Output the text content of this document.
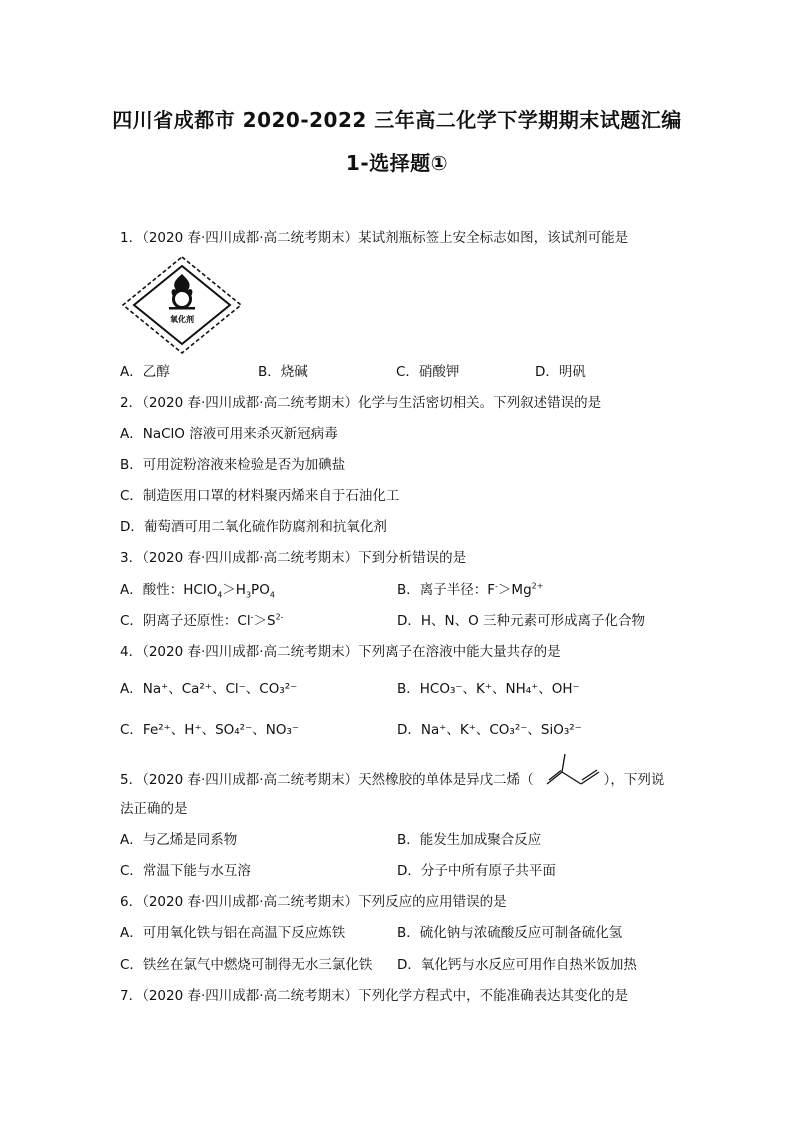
四川省成都市 2020-2022 三年高二化学下学期期末试题汇编
1-选择题①
1．（2020 春·四川成都·高二统考期末）某试剂瓶标签上安全标志如图，该试剂可能是
氧化剂
A．乙醇	B．烧碱	C．硝酸钾	D．明矾
2．（2020 春·四川成都·高二统考期末）化学与生活密切相关。下列叙述错误的是
A．NaClO 溶液可用来杀灭新冠病毒
B．可用淀粉溶液来检验是否为加碘盐
C．制造医用口罩的材料聚丙烯来自于石油化工
D．葡萄酒可用二氧化硫作防腐剂和抗氧化剂
3．（2020 春·四川成都·高二统考期末）下到分析错误的是
A．酸性：$HClO_4>H_3PO_4$	B．离子半径：$F^->Mg^{2+}$
C．阴离子还原性：$Cl^->S^{2-}$	D．H、N、O 三种元素可形成离子化合物
4．（2020 春·四川成都·高二统考期末）下列离子在溶液中能大量共存的是
A．Na⁺、Ca²⁺、Cl⁻、CO₃²⁻	B．HCO₃⁻、K⁺、NH₄⁺、OH⁻
C．Fe²⁺、H⁺、SO₄²⁻、NO₃⁻	D．Na⁺、K⁺、CO₃²⁻、SiO₃²⁻
5．（2020 春·四川成都·高二统考期末）天然橡胶的单体是异戊二烯（	），下列说
法正确的是
A．与乙烯是同系物	B．能发生加成聚合反应
C．常温下能与水互溶	D．分子中所有原子共平面
6．（2020 春·四川成都·高二统考期末）下列反应的应用错误的是
A．可用氧化铁与铝在高温下反应炼铁	B．硫化钠与浓硫酸反应可制备硫化氢
C．铁丝在氯气中燃烧可制得无水三氯化铁 D．氧化钙与水反应可用作自热米饭加热
7．（2020 春·四川成都·高二统考期末）下列化学方程式中，不能准确表达其变化的是
